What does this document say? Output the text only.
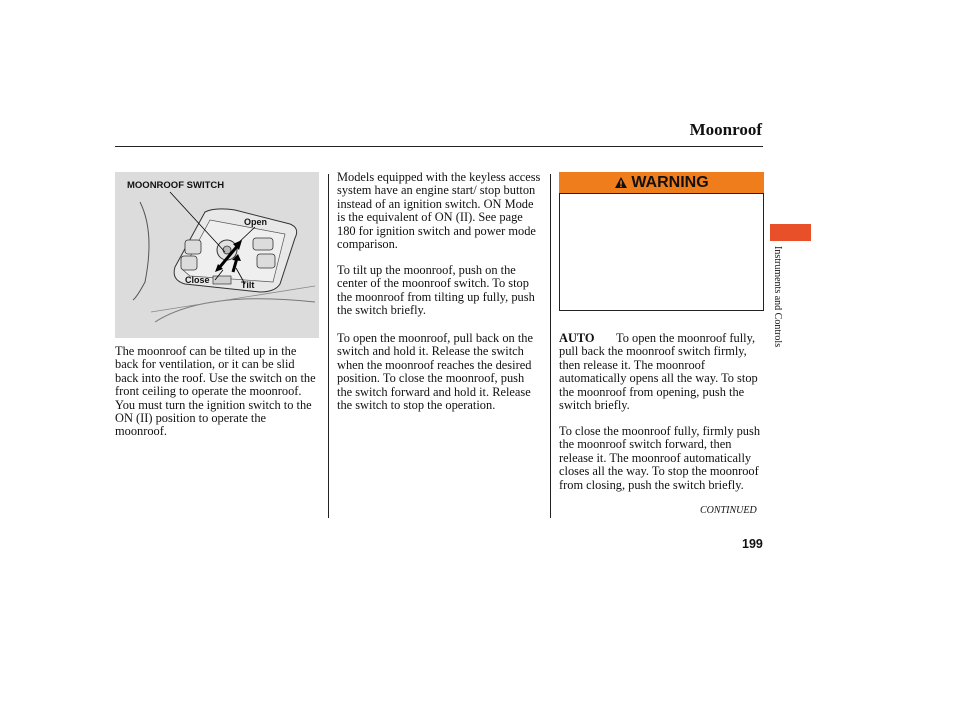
Moonroof
Instruments and Controls
MOONROOF SWITCH
Open
Close	Tilt

The moonroof can be tilted up in the back for ventilation, or it can be slid back into the roof. Use the switch on the front ceiling to operate the moonroof. You must turn the ignition switch to the ON (II) position to operate the moonroof.

Models equipped with the keyless access system have an engine start/ stop button instead of an ignition switch. ON Mode is the equivalent of ON (II). See page 180 for ignition switch and power mode comparison.

To tilt up the moonroof, push on the center of the moonroof switch. To stop the moonroof from tilting up fully, push the switch briefly.

To open the moonroof, pull back on the switch and hold it. Release the switch when the moonroof reaches the desired position. To close the moonroof, push the switch forward and hold it. Release the switch to stop the operation.

WARNING
AUTO	To open the moonroof fully, pull back the moonroof switch firmly, then release it. The moonroof automatically opens all the way. To stop the moonroof from opening, push the switch briefly.

To close the moonroof fully, firmly push the moonroof switch forward, then release it. The moonroof automatically closes all the way. To stop the moonroof from closing, push the switch briefly.

CONTINUED
199
